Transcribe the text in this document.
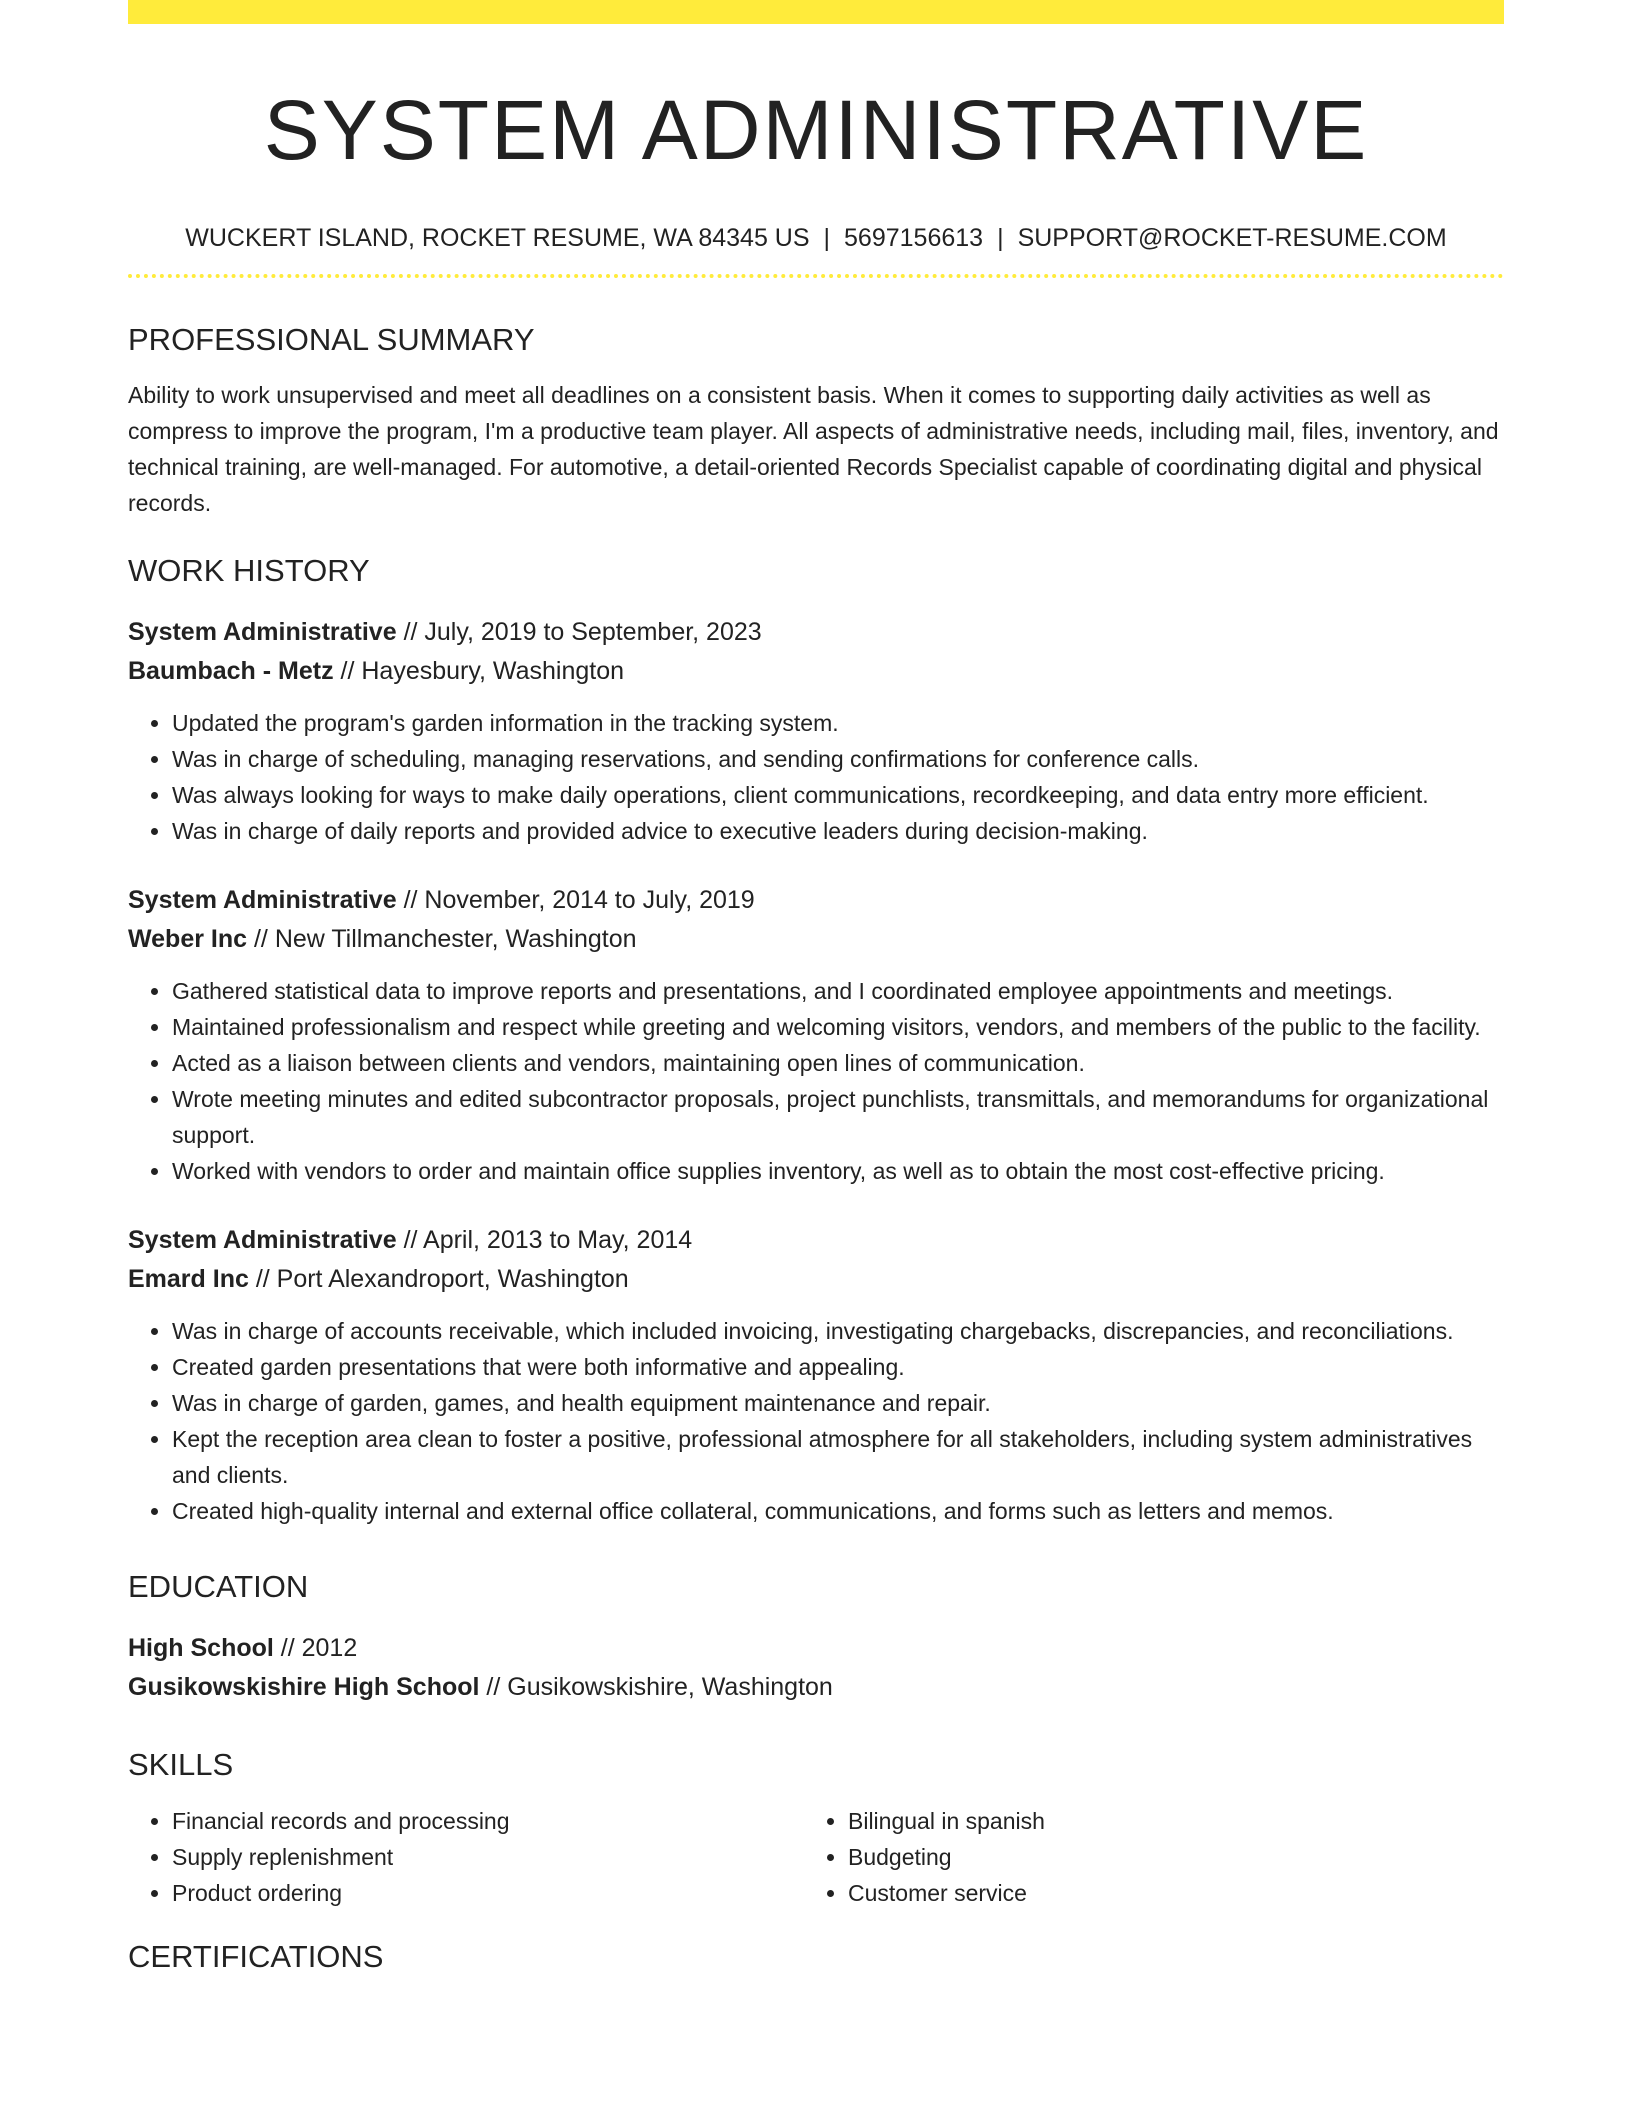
SYSTEM ADMINISTRATIVE
WUCKERT ISLAND, ROCKET RESUME, WA 84345 US | 5697156613 | SUPPORT@ROCKET-RESUME.COM
PROFESSIONAL SUMMARY

Ability to work unsupervised and meet all deadlines on a consistent basis. When it comes to supporting daily activities as well as compress to improve the program, I'm a productive team player. All aspects of administrative needs, including mail, files, inventory, and technical training, are well-managed. For automotive, a detail-oriented Records Specialist capable of coordinating digital and physical records.

WORK HISTORY
System Administrative // July, 2019 to September, 2023
Baumbach - Metz // Hayesbury, Washington
• Updated the program's garden information in the tracking system.
• Was in charge of scheduling, managing reservations, and sending confirmations for conference calls.
• Was always looking for ways to make daily operations, client communications, recordkeeping, and data entry more efficient.
• Was in charge of daily reports and provided advice to executive leaders during decision-making.
System Administrative // November, 2014 to July, 2019
Weber Inc // New Tillmanchester, Washington
• Gathered statistical data to improve reports and presentations, and I coordinated employee appointments and meetings.
• Maintained professionalism and respect while greeting and welcoming visitors, vendors, and members of the public to the facility.
• Acted as a liaison between clients and vendors, maintaining open lines of communication.
• Wrote meeting minutes and edited subcontractor proposals, project punchlists, transmittals, and memorandums for organizational support.
• Worked with vendors to order and maintain office supplies inventory, as well as to obtain the most cost-effective pricing.
System Administrative // April, 2013 to May, 2014
Emard Inc // Port Alexandroport, Washington
• Was in charge of accounts receivable, which included invoicing, investigating chargebacks, discrepancies, and reconciliations.
• Created garden presentations that were both informative and appealing.
• Was in charge of garden, games, and health equipment maintenance and repair.
• Kept the reception area clean to foster a positive, professional atmosphere for all stakeholders, including system administratives and clients.
• Created high-quality internal and external office collateral, communications, and forms such as letters and memos.
EDUCATION
High School // 2012
Gusikowskishire High School // Gusikowskishire, Washington
SKILLS
• Financial records and processing
• Supply replenishment
• Product ordering
• Bilingual in spanish
• Budgeting
• Customer service
CERTIFICATIONS
